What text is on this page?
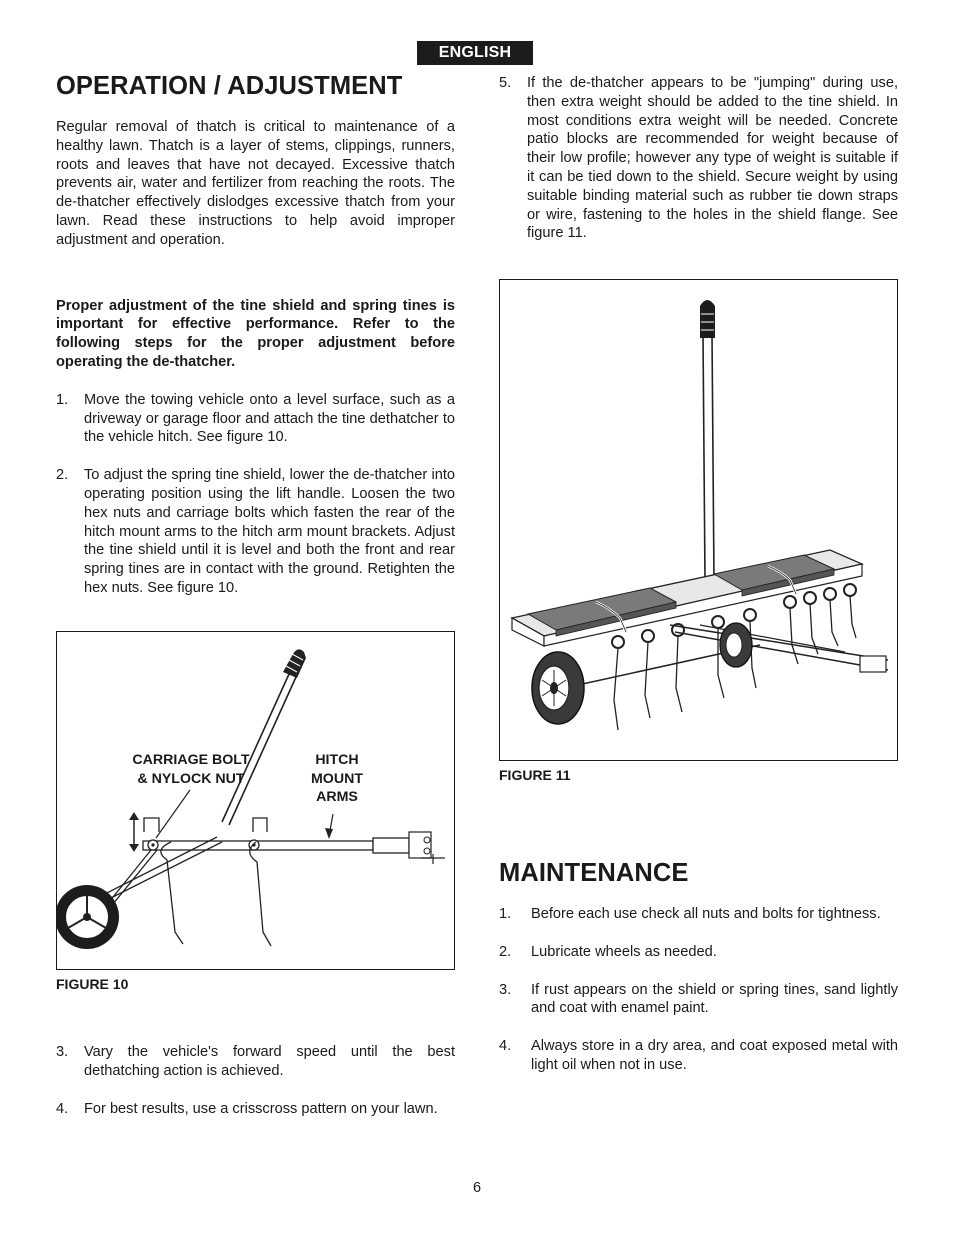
ENGLISH
OPERATION / ADJUSTMENT

Regular removal of thatch is critical to maintenance of a healthy lawn. Thatch is a layer of stems, clippings, runners, roots and leaves that have not decayed. Excessive thatch prevents air, water and fertilizer from reaching the roots. The de-thatcher effectively dislodges excessive thatch from your lawn. Read these instructions to help avoid improper adjustment and operation.

Proper adjustment of the tine shield and spring tines is important for effective performance. Refer to the following steps for the proper adjustment before operating the de-thatcher.

1. Move the towing vehicle onto a level surface, such as a driveway or garage floor and attach the tine dethatcher to the vehicle hitch. See figure 10.
2. To adjust the spring tine shield, lower the de-thatcher into operating position using the lift handle. Loosen the two hex nuts and carriage bolts which fasten the rear of the hitch mount arms to the hitch arm mount brackets. Adjust the tine shield until it is level and both the front and rear spring tines are in contact with the ground. Retighten the hex nuts. See figure 10.
CARRIAGE BOLT
& NYLOCK NUT
HITCH
MOUNT
ARMS
FIGURE 10
3. Vary the vehicle's forward speed until the best dethatching action is achieved.
4. For best results, use a crisscross pattern on your lawn.
5. If the de-thatcher appears to be "jumping" during use, then extra weight should be added to the tine shield. In most conditions extra weight will be needed. Concrete patio blocks are recommended for weight because of their low profile; however any type of weight is suitable if it can be tied down to the shield. Secure weight by using suitable binding material such as rubber tie down straps or wire, fastening to the holes in the shield flange. See figure 11.
FIGURE 11
MAINTENANCE
1. Before each use check all nuts and bolts for tightness.
2. Lubricate wheels as needed.
3. If rust appears on the shield or spring tines, sand lightly and coat with enamel paint.
4. Always store in a dry area, and coat exposed metal with light oil when not in use.
6
